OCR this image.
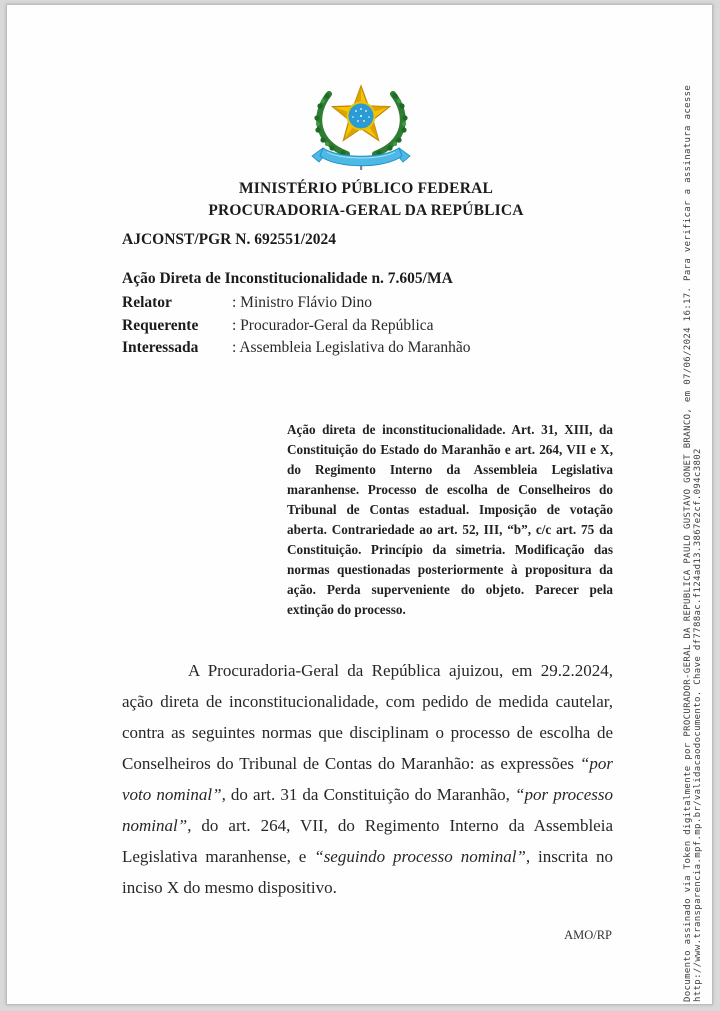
MINISTÉRIO PÚBLICO FEDERAL
PROCURADORIA-GERAL DA REPÚBLICA
AJCONST/PGR N. 692551/2024
Ação Direta de Inconstitucionalidade n. 7.605/MA
Relator	: Ministro Flávio Dino
Requerente	: Procurador-Geral da República
Interessada	: Assembleia Legislativa do Maranhão
Ação direta de inconstitucionalidade. Art. 31, XIII, da Constituição do Estado do Maranhão e art. 264, VII e X, do Regimento Interno da Assembleia Legislativa maranhense. Processo de escolha de Conselheiros do Tribunal de Contas estadual. Imposição de votação aberta. Contrariedade ao art. 52, III, “b”, c/c art. 75 da Constituição. Princípio da simetria. Modificação das normas questionadas posteriormente à propositura da ação. Perda superveniente do objeto. Parecer pela extinção do processo.
A Procuradoria-Geral da República ajuizou, em 29.2.2024, ação direta de inconstitucionalidade, com pedido de medida cautelar, contra as seguintes normas que disciplinam o processo de escolha de Conselheiros do Tribunal de Contas do Maranhão: as expressões “por voto nominal”, do art. 31 da Constituição do Maranhão, “por processo nominal”, do art. 264, VII, do Regimento Interno da Assembleia Legislativa maranhense, e “seguindo processo nominal”, inscrita no inciso X do mesmo dispositivo.
AMO/RP	Documento assinado via Token digitalmente por PROCURADOR-GERAL DA REPUBLICA PAULO GUSTAVO GONET BRANCO, em 07/06/2024 16:17. Para verificar a assinatura acesse http://www.transparencia.mpf.mp.br/validacaodocumento. Chave df7788ac.f124ad13.3867e2cf.094c3802
